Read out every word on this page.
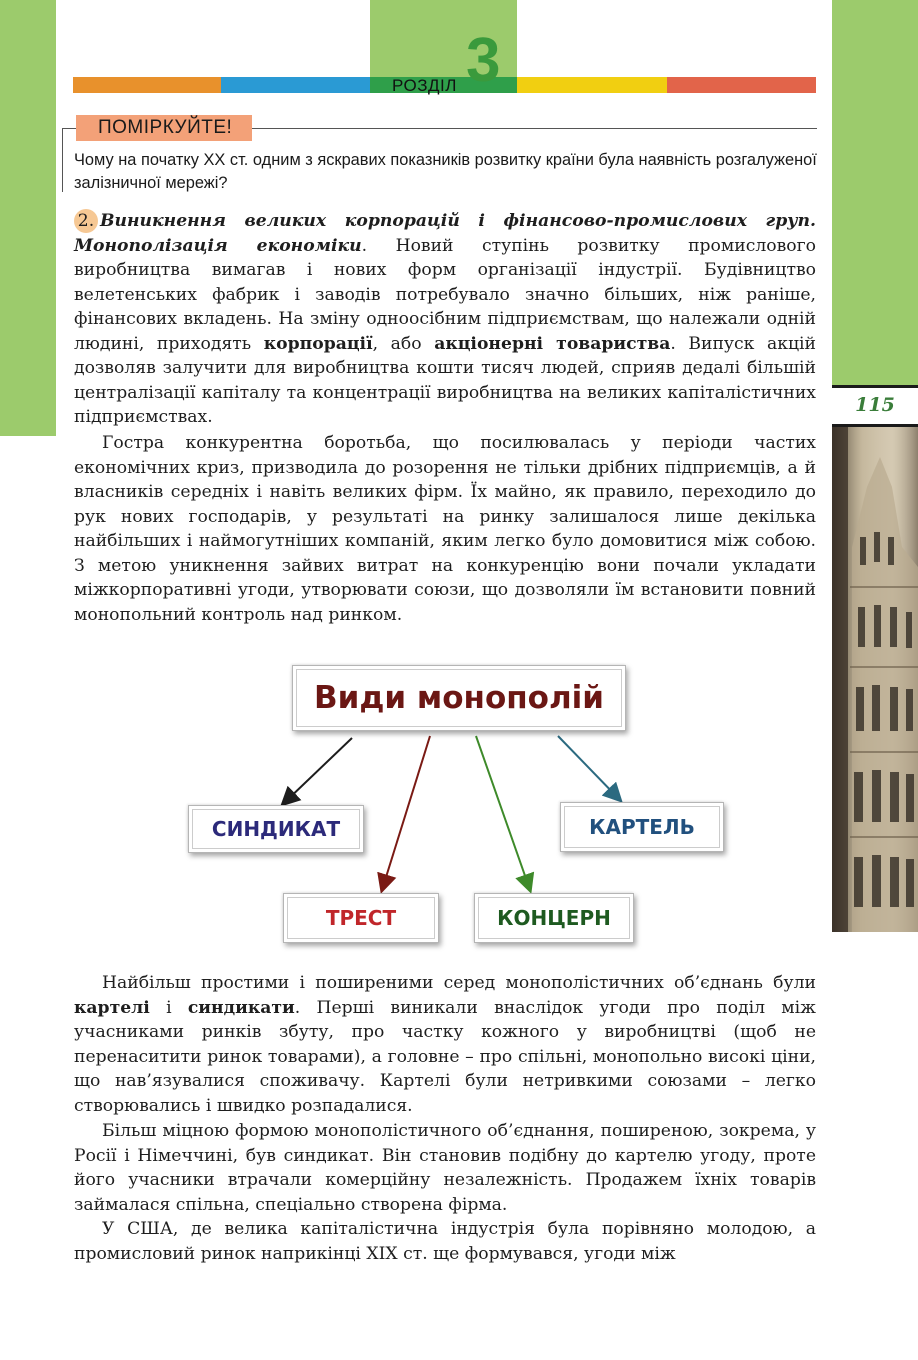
3
РОЗДІЛ
115
ПОМІРКУЙТЕ!
Чому на початку ХХ ст. одним з яскравих показників розвитку країни була наявність розгалуженої залізничної мережі?
2. Виникнення великих корпорацій і фінансово-промислових груп. Монополізація економіки. Новий ступінь розвитку промислового виробництва вимагав і нових форм організації індустрії. Будівництво велетенських фабрик і заводів потребувало значно більших, ніж раніше, фінансових вкладень. На зміну одноосібним підприємствам, що належали одній людині, приходять корпорації, або акціонерні товариства. Випуск акцій дозволяв залучити для виробництва кошти тисяч людей, сприяв дедалі більшій централізації капіталу та концентрації виробництва на великих капіталістичних підприємствах.
Гостра конкурентна боротьба, що посилювалась у періоди частих економічних криз, призводила до розорення не тільки дрібних підприємців, а й власників середніх і навіть великих фірм. Їх майно, як правило, переходило до рук нових господарів, у результаті на ринку залишалося лише декілька найбільших і наймогутніших компаній, яким легко було домовитися між собою. З метою уникнення зайвих витрат на конкуренцію вони почали укладати міжкорпоративні угоди, утворювати союзи, що дозволяли їм встановити повний монопольний контроль над ринком.
Види монополій
СИНДИКАТ	КАРТЕЛЬ
ТРЕСТ	КОНЦЕРН
Найбільш простими і поширеними серед монополістичних об’єднань були картелі і синдикати. Перші виникали внаслідок угоди про поділ між учасниками ринків збуту, про частку кожного у виробництві (щоб не перенаситити ринок товарами), а головне – про спільні, монопольно високі ціни, що нав’язувалися споживачу. Картелі були нетривкими союзами – легко створювались і швидко розпадалися.
Більш міцною формою монополістичного об’єднання, поширеною, зокрема, у Росії і Німеччині, був синдикат. Він становив подібну до картелю угоду, проте його учасники втрачали комерційну незалежність. Продажем їхніх товарів займалася спільна, спеціально створена фірма.
У США, де велика капіталістична індустрія була порівняно молодою, а промисловий ринок наприкінці ХІХ ст. ще формувався, угоди між
